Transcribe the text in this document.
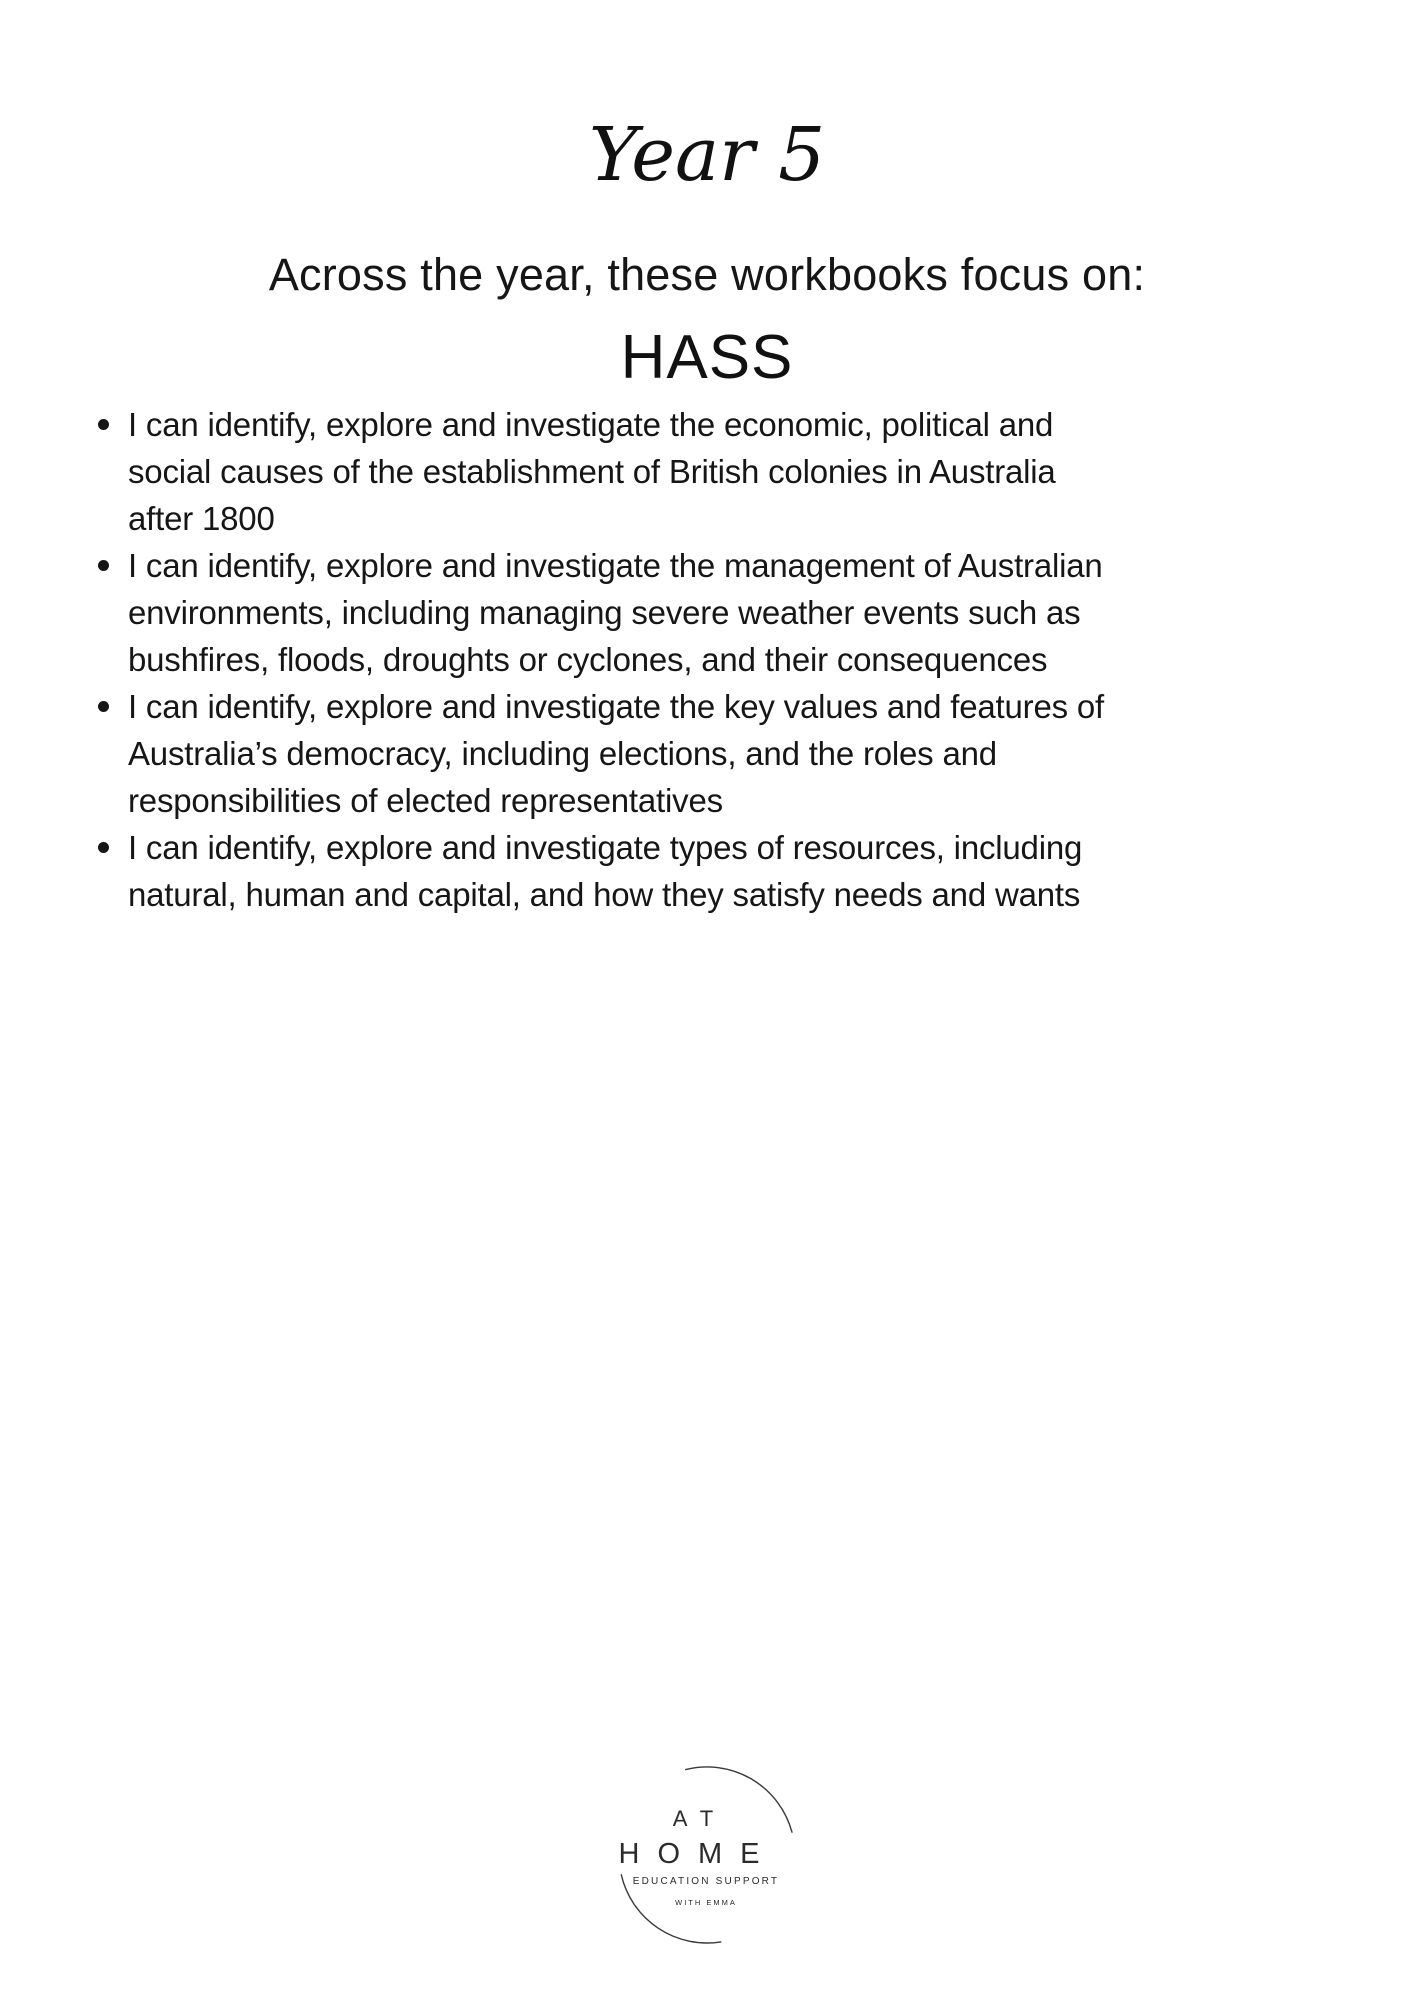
Year 5
Across the year, these workbooks focus on:
HASS
I can identify, explore and investigate the economic, political and
social causes of the establishment of British colonies in Australia
after 1800
I can identify, explore and investigate the management of Australian
environments, including managing severe weather events such as
bushfires, floods, droughts or cyclones, and their consequences
I can identify, explore and investigate the key values and features of
Australia’s democracy, including elections, and the roles and
responsibilities of elected representatives
I can identify, explore and investigate types of resources, including
natural, human and capital, and how they satisfy needs and wants
AT
HOME
EDUCATION SUPPORT
WITH EMMA
